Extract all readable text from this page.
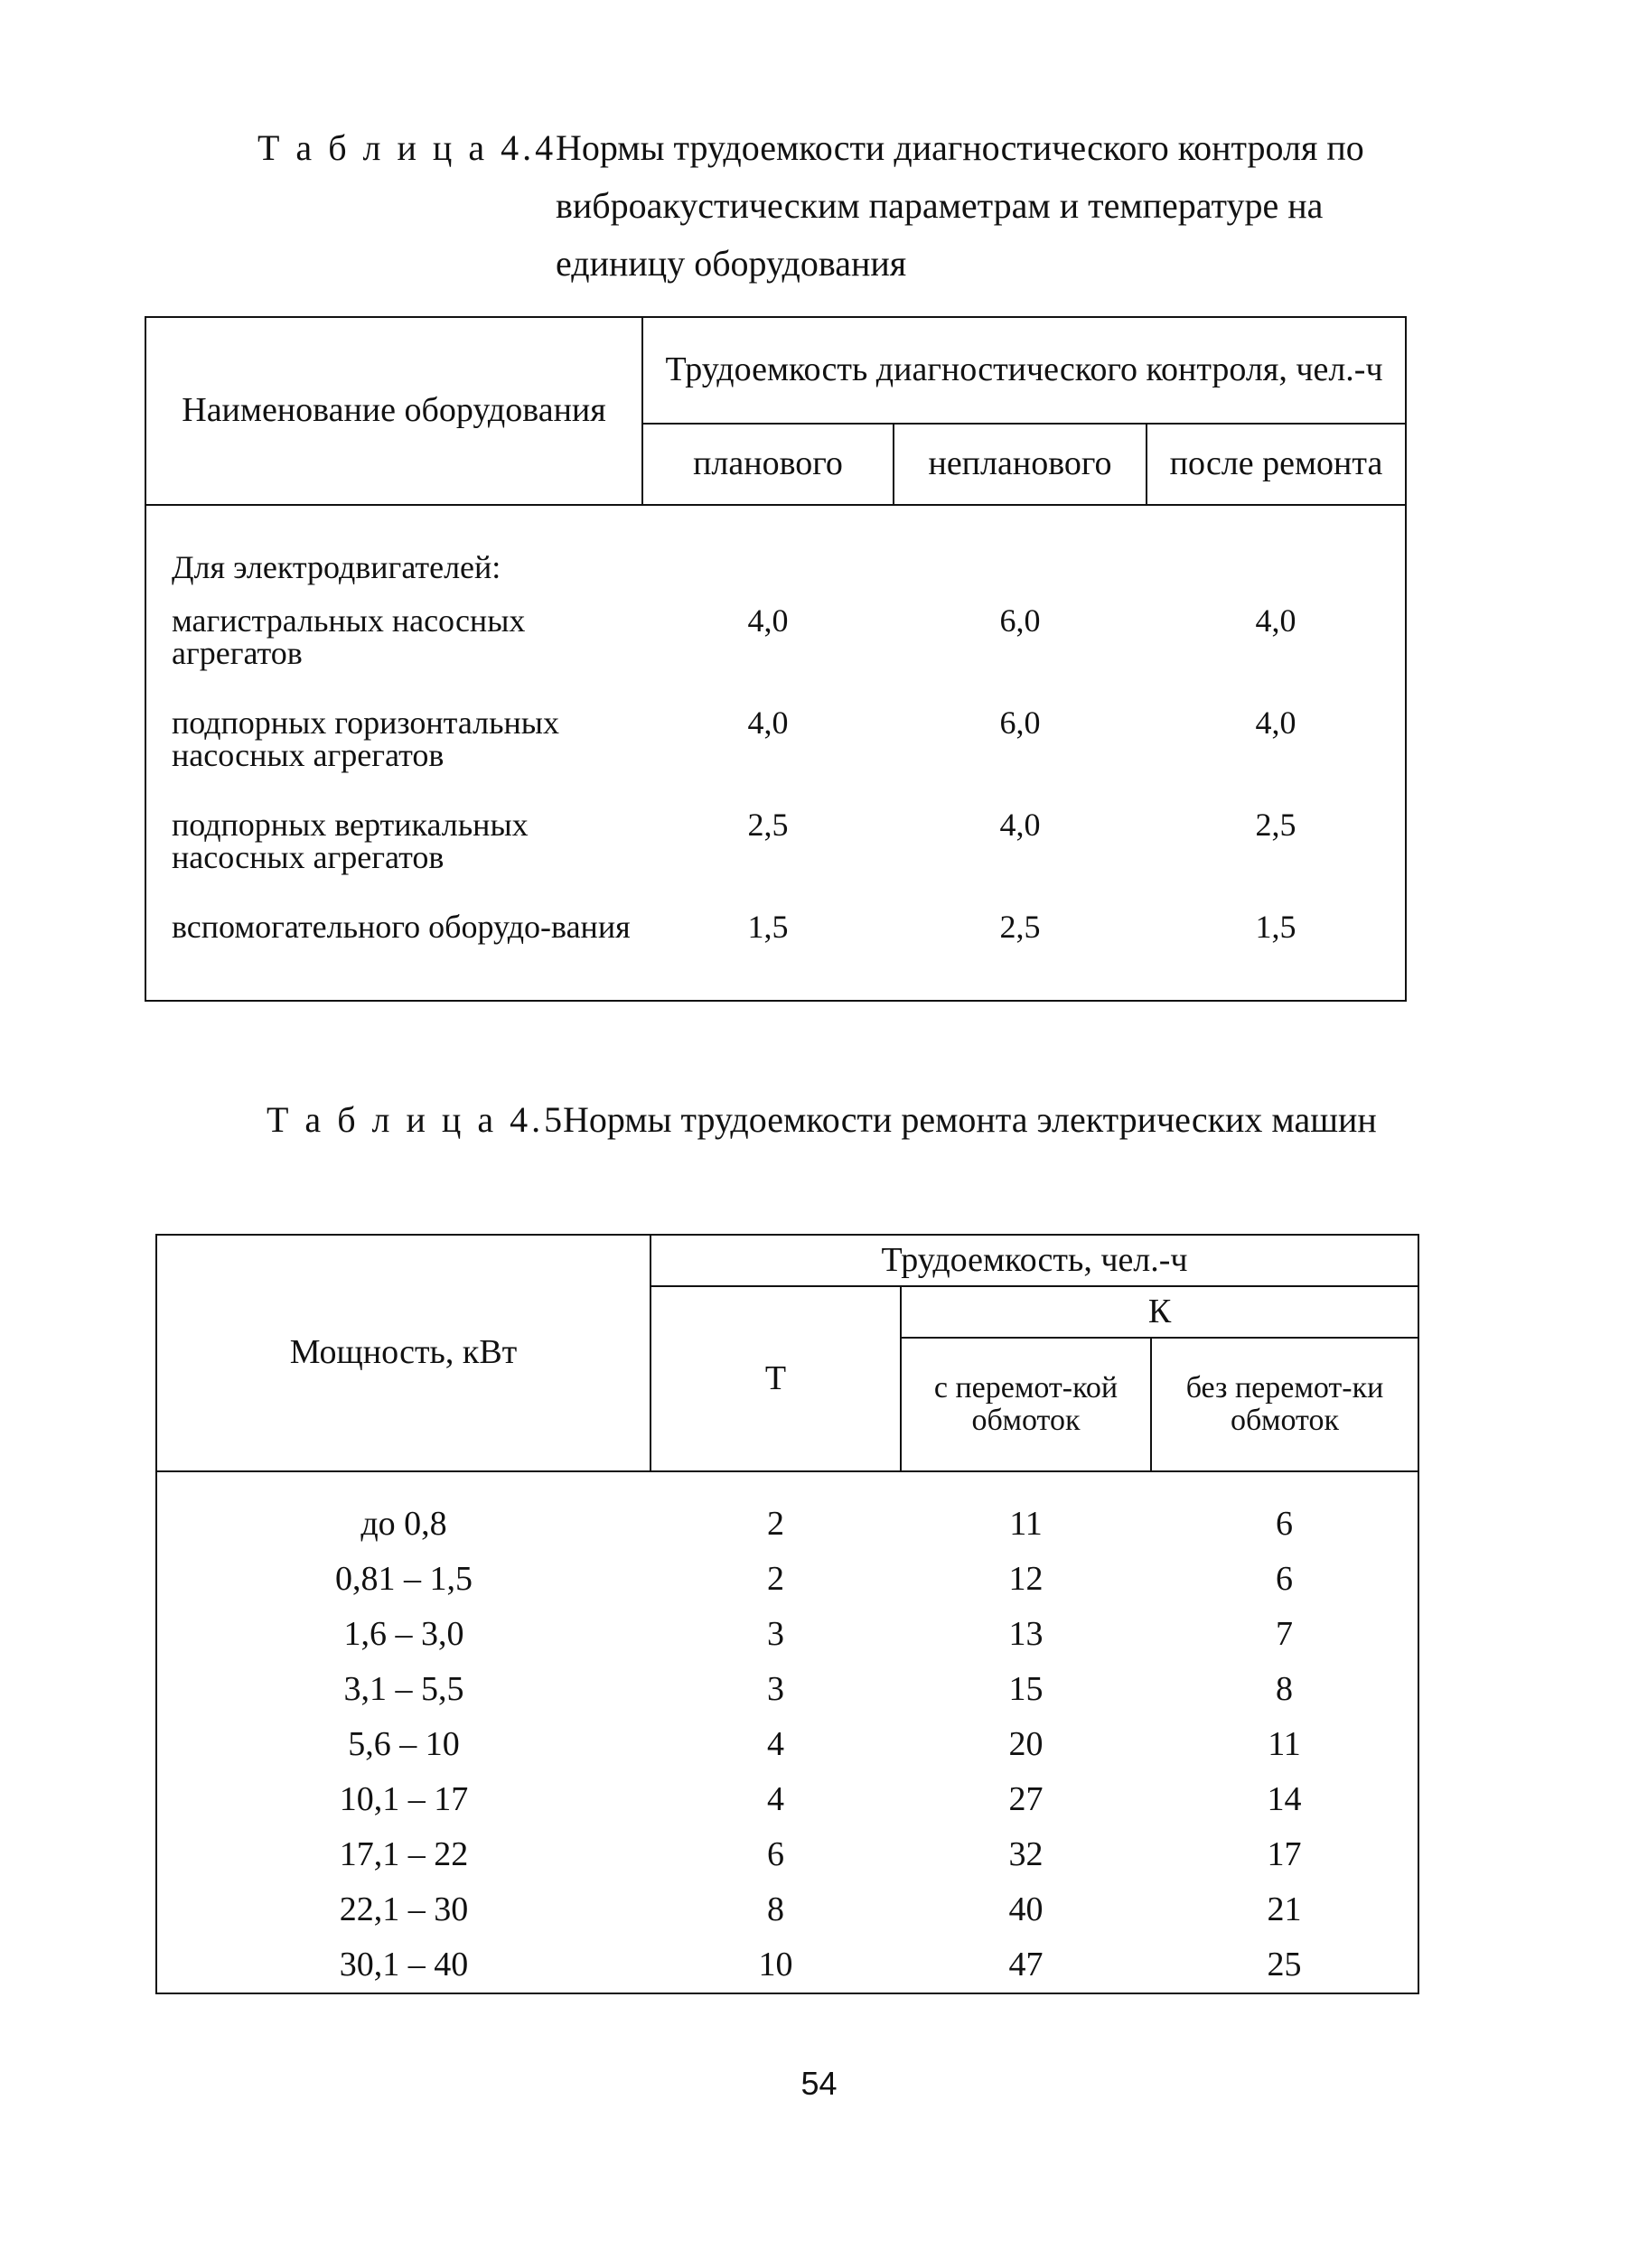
Т а б л и ц а 4.4
Нормы трудоемкости диагностического контроля по виброакустическим параметрам и температуре на единицу оборудования
Наименование оборудования	Трудоемкость диагностического контроля, чел.-ч		
	планового	непланового	после ремонта
Для электродвигателей:			
магистральных насосных агрегатов	4,0	6,0	4,0
подпорных горизонтальных насосных агрегатов	4,0	6,0	4,0
подпорных вертикальных насосных агрегатов	2,5	4,0	2,5
вспомогательного оборудо-вания	1,5	2,5	1,5
Т а б л и ц а 4.5
Нормы трудоемкости ремонта электрических машин
Мощность, кВт	Трудоемкость, чел.-ч		
	Т	К	
		с перемот-кой обмоток	без перемот-ки обмоток

до 0,8	2	11	6
0,81 – 1,5	2	12	6
1,6 – 3,0	3	13	7
3,1 – 5,5	3	15	8
5,6 – 10	4	20	11
10,1 – 17	4	27	14
17,1 – 22	6	32	17
22,1 – 30	8	40	21
30,1 – 40	10	47	25
54
